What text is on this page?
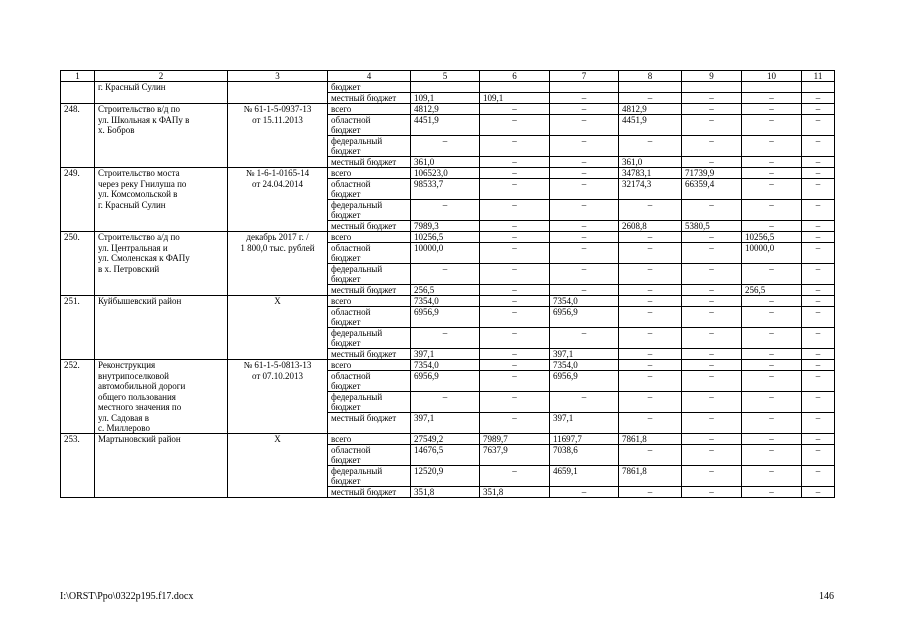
1	2	3	4	5	6	7	8	9	10	11
	г. Красный Сулин		бюджет							
			местный бюджет	109,1	109,1	–	–	–	–	–
248.	Строительство в/д по	№ 61-1-5-0937-13	всего	4812,9	–	–	4812,9	–	–	–
	ул. Школьная к ФАПу в	от 15.11.2013	областной	4451,9	–	–	4451,9	–	–	–
	х. Бобров		бюджет							
			федеральный	–	–	–	–	–	–	–
			бюджет							
			местный бюджет	361,0	–	–	361,0	–	–	–
249.	Строительство моста	№ 1-6-1-0165-14	всего	106523,0	–	–	34783,1	71739,9	–	–
	через реку Гнилуша по	от 24.04.2014	областной	98533,7	–	–	32174,3	66359,4	–	–
	ул. Комсомольской в		бюджет							
	г. Красный Сулин		федеральный	–	–	–	–	–	–	–
			бюджет							
			местный бюджет	7989,3	–	–	2608,8	5380,5	–	–
250.	Строительство а/д по	декабрь 2017 г. /	всего	10256,5	–	–	–	–	10256,5	–
	ул. Центральная и	1 800,0 тыс. рублей	областной	10000,0	–	–	–	–	10000,0	–
	ул. Смоленская к ФАПу		бюджет							
	в х. Петровский		федеральный	–	–	–	–	–	–	–
			бюджет							
			местный бюджет	256,5	–	–	–	–	256,5	–
251.	Куйбышевский район	Х	всего	7354,0	–	7354,0	–	–	–	–
			областной	6956,9	–	6956,9	–	–	–	–
			бюджет							
			федеральный	–	–	–	–	–	–	–
			бюджет							
			местный бюджет	397,1	–	397,1	–	–	–	–
252.	Реконструкция	№ 61-1-5-0813-13	всего	7354,0	–	7354,0	–	–	–	–
	внутрипоселковой	от 07.10.2013	областной	6956,9	–	6956,9	–	–	–	–
	автомобильной дороги		бюджет							
	общего пользования		федеральный	–	–	–	–	–	–	–
	местного значения по		бюджет							
	ул. Садовая в		местный бюджет	397,1	–	397,1	–	–	–	–
	с. Миллерово									
253.	Мартыновский район	Х	всего	27549,2	7989,7	11697,7	7861,8	–	–	–
			областной	14676,5	7637,9	7038,6	–	–	–	–
			бюджет							
			федеральный	12520,9	–	4659,1	7861,8	–	–	–
			бюджет							
			местный бюджет	351,8	351,8	–	–	–	–	–
I:\ORST\Ppo\0322p195.f17.docx	146
